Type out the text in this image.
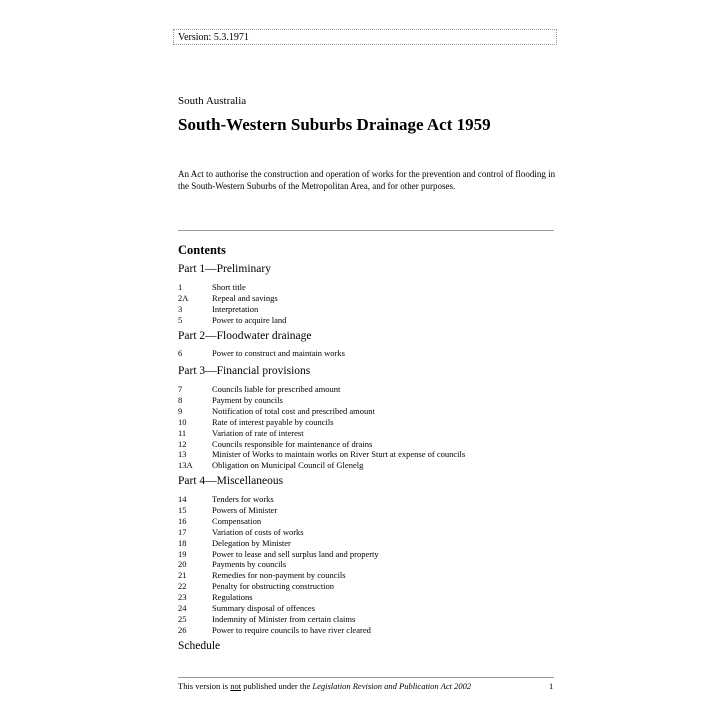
Version: 5.3.1971
South Australia
South-Western Suburbs Drainage Act 1959
An Act to authorise the construction and operation of works for the prevention and control of flooding in the South-Western Suburbs of the Metropolitan Area, and for other purposes.
Contents
Part 1—Preliminary
1	Short title
2A	Repeal and savings
3	Interpretation
5	Power to acquire land
Part 2—Floodwater drainage
6	Power to construct and maintain works
Part 3—Financial provisions
7	Councils liable for prescribed amount
8	Payment by councils
9	Notification of total cost and prescribed amount
10	Rate of interest payable by councils
11	Variation of rate of interest
12	Councils responsible for maintenance of drains
13	Minister of Works to maintain works on River Sturt at expense of councils
13A Obligation on Municipal Council of Glenelg
Part 4—Miscellaneous
14	Tenders for works
15	Powers of Minister
16	Compensation
17	Variation of costs of works
18	Delegation by Minister
19	Power to lease and sell surplus land and property
20	Payments by councils
21	Remedies for non-payment by councils
22	Penalty for obstructing construction
23	Regulations
24	Summary disposal of offences
25	Indemnity of Minister from certain claims
26	Power to require councils to have river cleared
Schedule
This version is not published under the Legislation Revision and Publication Act 2002	1
